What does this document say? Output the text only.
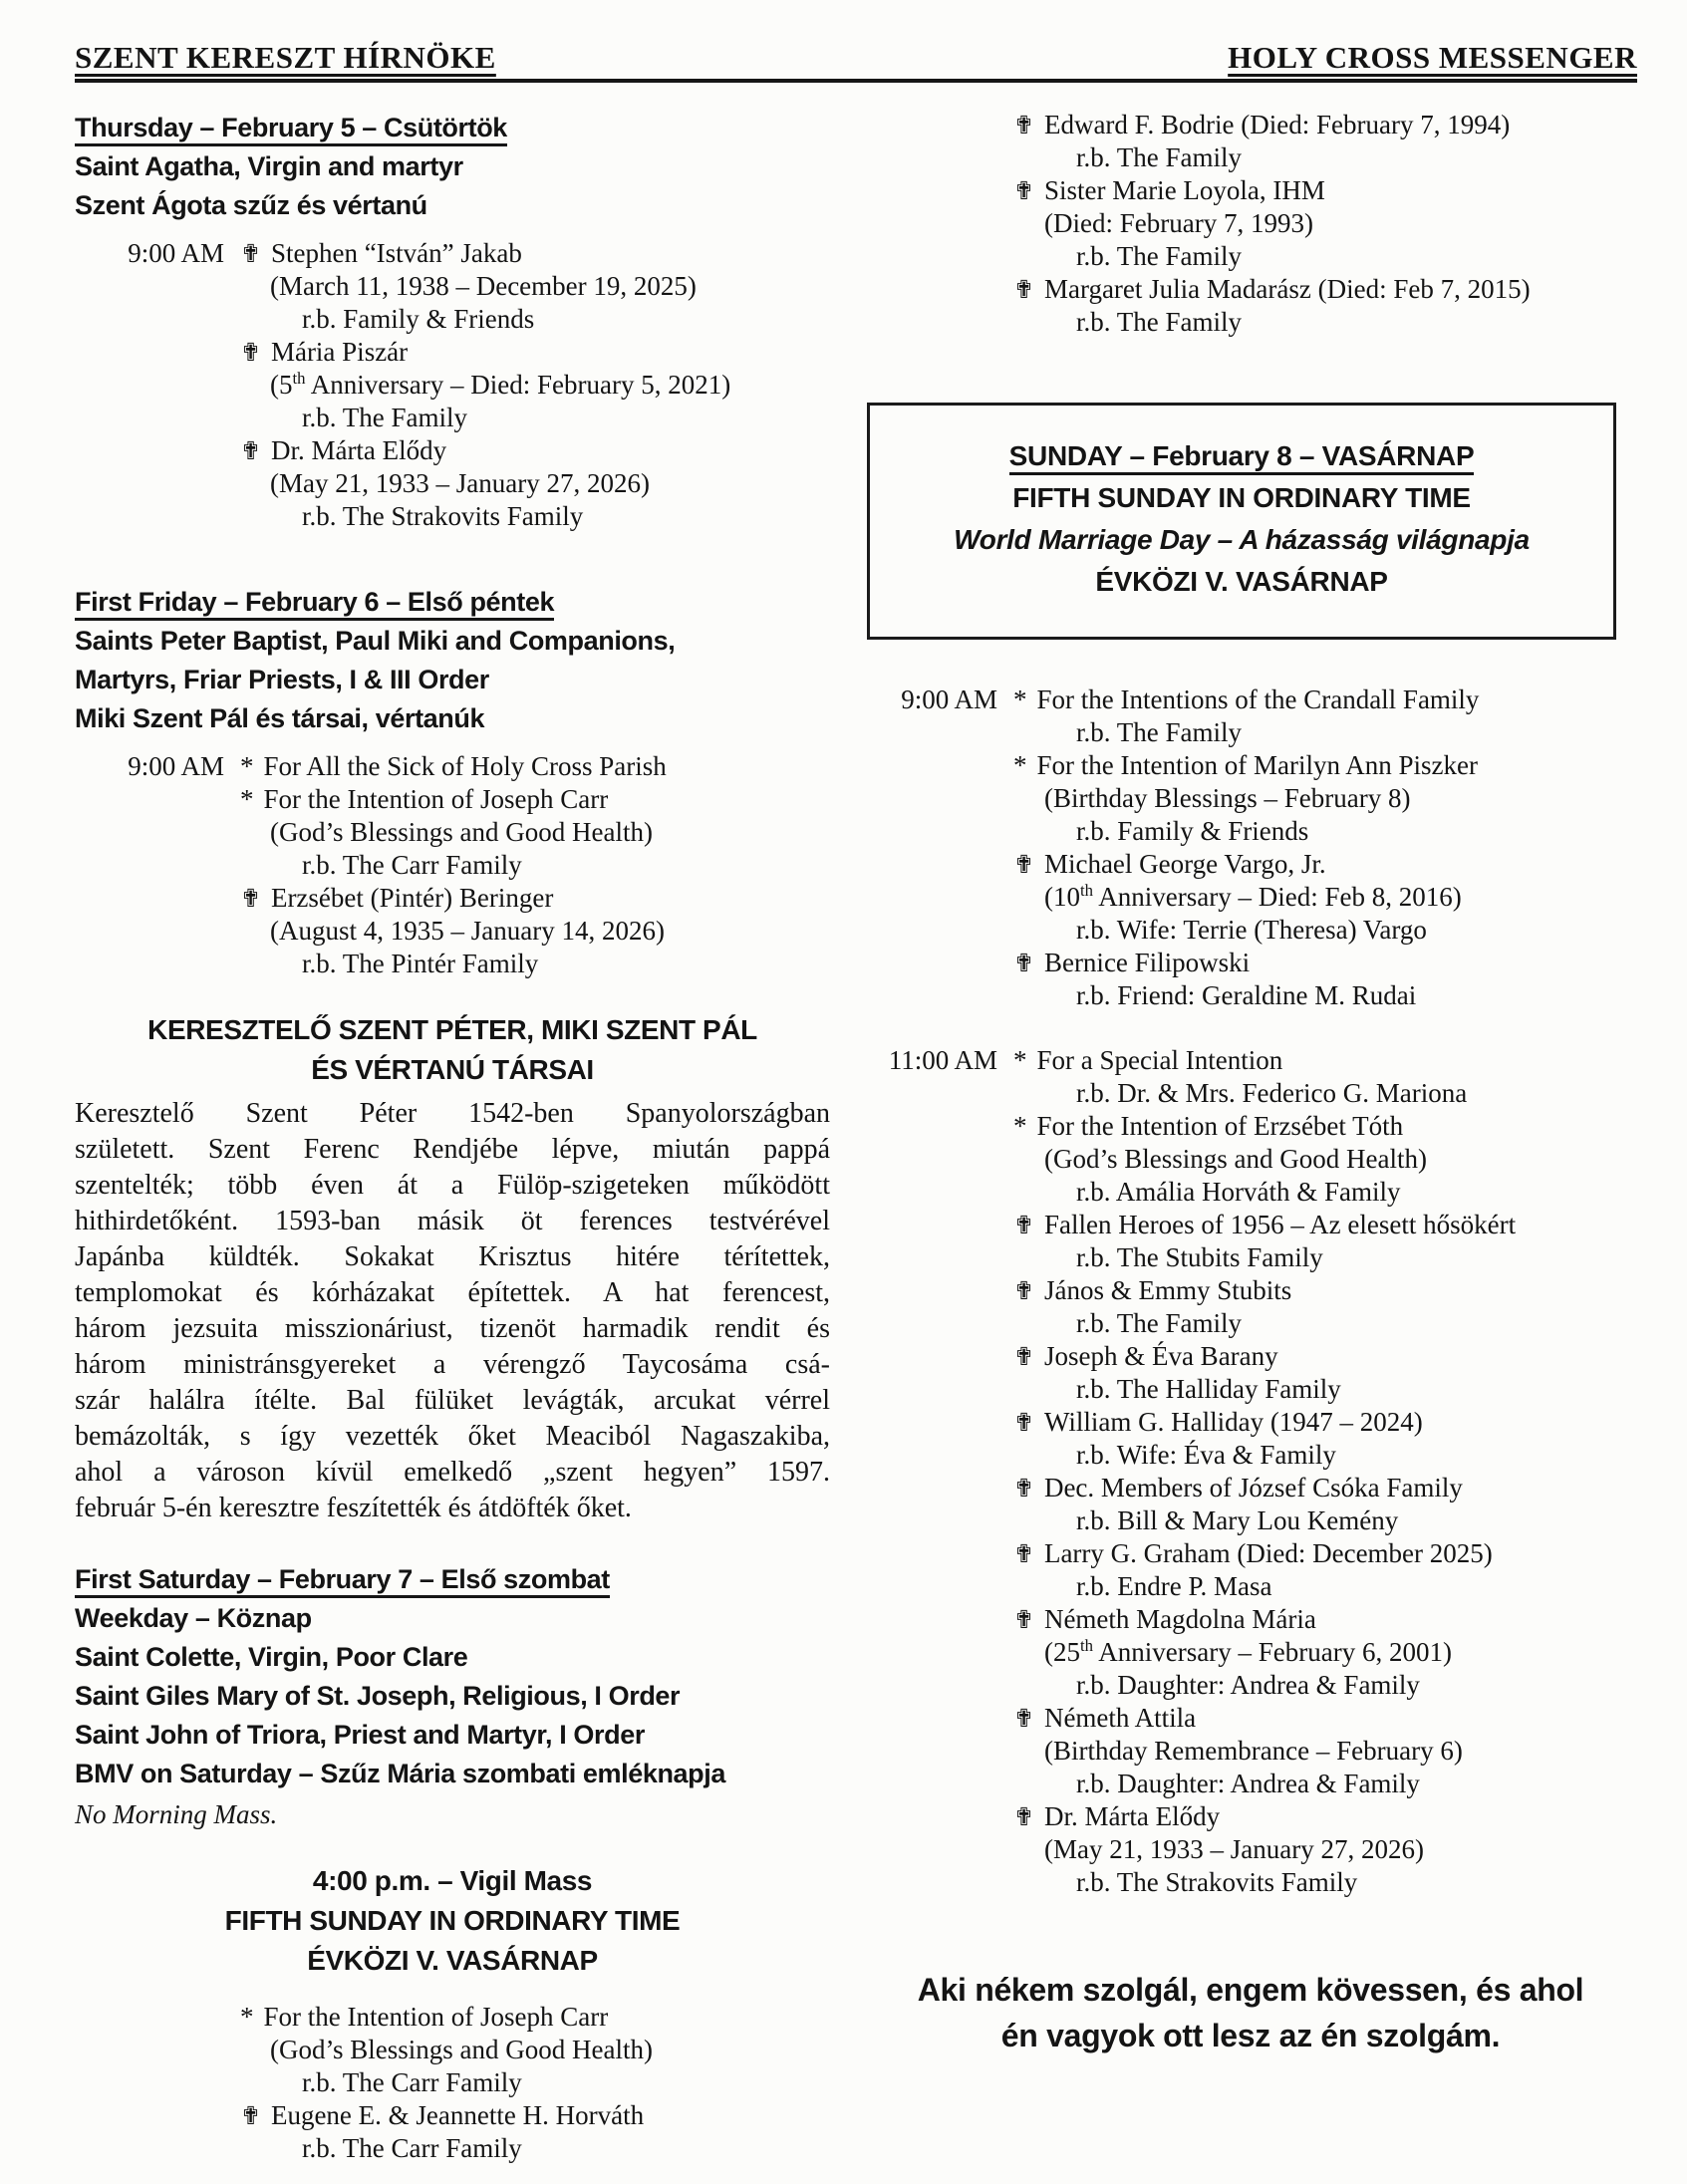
SZENT KERESZT HÍRNÖKE	HOLY CROSS MESSENGER
Thursday – February 5 – Csütörtök
Saint Agatha, Virgin and martyr
Szent Ágota szűz és vértanú
9:00 AM ✟ Stephen “István” Jakab
(March 11, 1938 – December 19, 2025)
r.b. Family & Friends
✟ Mária Piszár
(5th Anniversary – Died: February 5, 2021)
r.b. The Family
✟ Dr. Márta Elődy
(May 21, 1933 – January 27, 2026)
r.b. The Strakovits Family
First Friday – February 6 – Első péntek
Saints Peter Baptist, Paul Miki and Companions,
Martyrs, Friar Priests, I & III Order
Miki Szent Pál és társai, vértanúk
9:00 AM * For All the Sick of Holy Cross Parish
* For the Intention of Joseph Carr
(God’s Blessings and Good Health)
r.b. The Carr Family
✟ Erzsébet (Pintér) Beringer
(August 4, 1935 – January 14, 2026)
r.b. The Pintér Family
KERESZTELŐ SZENT PÉTER, MIKI SZENT PÁL
ÉS VÉRTANÚ TÁRSAI
Keresztelő Szent Péter 1542-ben Spanyolországban
született. Szent Ferenc Rendjébe lépve, miután pappá
szentelték; több éven át a Fülöp-szigeteken működött
hithirdetőként. 1593-ban másik öt ferences testvérével
Japánba küldték. Sokakat Krisztus hitére térítettek,
templomokat és kórházakat építettek. A hat ferencest,
három jezsuita misszionáriust, tizenöt harmadik rendit és
három ministránsgyereket a vérengző Taycosáma csá-
szár halálra ítélte. Bal fülüket levágták, arcukat vérrel
bemázolták, s így vezették őket Meaciból Nagaszakiba,
ahol a városon kívül emelkedő „szent hegyen” 1597.
február 5-én keresztre feszítették és átdöfték őket.
First Saturday – February 7 – Első szombat
Weekday – Köznap
Saint Colette, Virgin, Poor Clare
Saint Giles Mary of St. Joseph, Religious, I Order
Saint John of Triora, Priest and Martyr, I Order
BMV on Saturday – Szűz Mária szombati emléknapja
No Morning Mass.
4:00 p.m. – Vigil Mass
FIFTH SUNDAY IN ORDINARY TIME
ÉVKÖZI V. VASÁRNAP
* For the Intention of Joseph Carr
(God’s Blessings and Good Health)
r.b. The Carr Family
✟ Eugene E. & Jeannette H. Horváth
r.b. The Carr Family
✟ Edward F. Bodrie (Died: February 7, 1994)
r.b. The Family
✟ Sister Marie Loyola, IHM
(Died: February 7, 1993)
r.b. The Family
✟ Margaret Julia Madarász (Died: Feb 7, 2015)
r.b. The Family
SUNDAY – February 8 – VASÁRNAP
FIFTH SUNDAY IN ORDINARY TIME
World Marriage Day – A házasság világnapja
ÉVKÖZI V. VASÁRNAP
9:00 AM * For the Intentions of the Crandall Family
r.b. The Family
* For the Intention of Marilyn Ann Piszker
(Birthday Blessings – February 8)
r.b. Family & Friends
✟ Michael George Vargo, Jr.
(10th Anniversary – Died: Feb 8, 2016)
r.b. Wife: Terrie (Theresa) Vargo
✟ Bernice Filipowski
r.b. Friend: Geraldine M. Rudai
11:00 AM * For a Special Intention
r.b. Dr. & Mrs. Federico G. Mariona
* For the Intention of Erzsébet Tóth
(God’s Blessings and Good Health)
r.b. Amália Horváth & Family
✟ Fallen Heroes of 1956 – Az elesett hősökért
r.b. The Stubits Family
✟ János & Emmy Stubits
r.b. The Family
✟ Joseph & Éva Barany
r.b. The Halliday Family
✟ William G. Halliday (1947 – 2024)
r.b. Wife: Éva & Family
✟ Dec. Members of József Csóka Family
r.b. Bill & Mary Lou Kemény
✟ Larry G. Graham (Died: December 2025)
r.b. Endre P. Masa
✟ Németh Magdolna Mária
(25th Anniversary – February 6, 2001)
r.b. Daughter: Andrea & Family
✟ Németh Attila
(Birthday Remembrance – February 6)
r.b. Daughter: Andrea & Family
✟ Dr. Márta Elődy
(May 21, 1933 – January 27, 2026)
r.b. The Strakovits Family
Aki nékem szolgál, engem kövessen, és ahol
én vagyok ott lesz az én szolgám.
